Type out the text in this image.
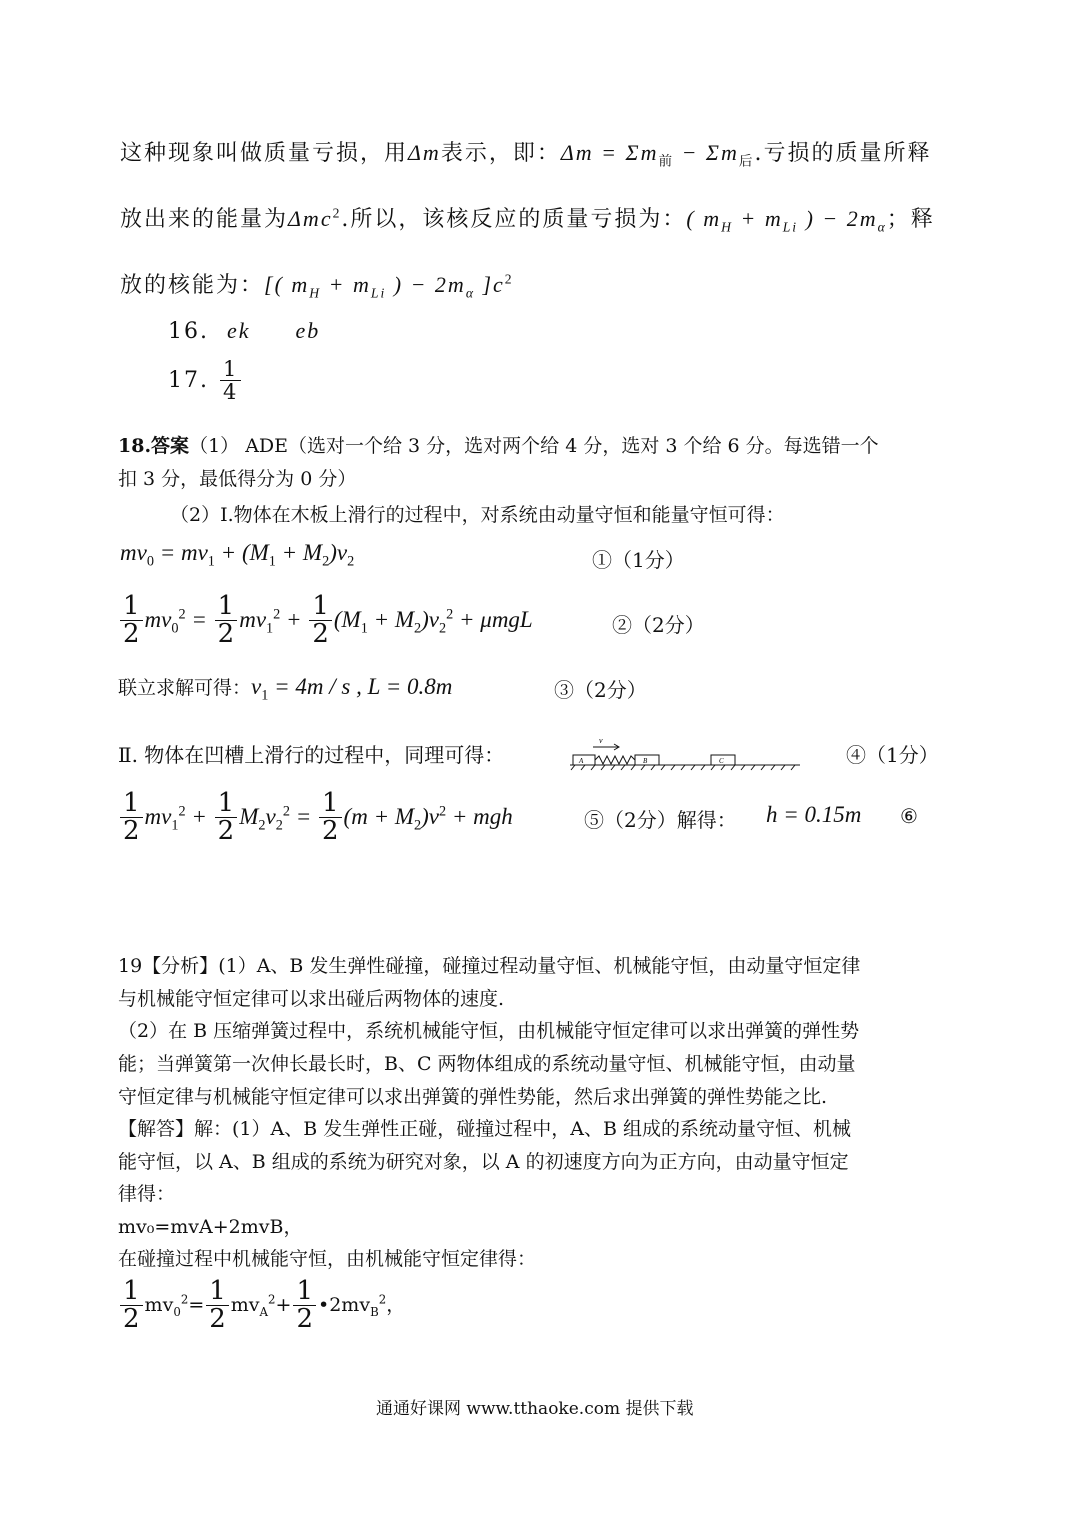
这种现象叫做质量亏损，用Δm表示，即：$\Delta m = \Sigma m_前 - \Sigma m_后$.亏损的质量所释
放出来的能量为Δmc$^2$.所以，该核反应的质量亏损为：( $m_H + m_{Li}$ ) − $2m_\alpha$；释
放的核能为：[( $m_H + m_{Li}$ ) − $2m_\alpha$ ]$c^2$
16. ek eb
17. $\frac{1}{4}$
18.答案（1） ADE（选对一个给 3 分，选对两个给 4 分，选对 3 个给 6 分。每选错一个
扣 3 分，最低得分为 0 分）
（2）Ⅰ.物体在木板上滑行的过程中，对系统由动量守恒和能量守恒可得：
$mv_0 = mv_1 + (M_1 + M_2)v_2$	①（1分）
$\frac{1}{2} mv_0^2 = \frac{1}{2} mv_1^2 + \frac{1}{2} (M_1 + M_2)v_2^2 + \mu mgL$	②（2分）
联立求解可得：$v_1 = 4m / s$ , L = 0.8m	③（2分）
Ⅱ. 物体在凹槽上滑行的过程中，同理可得：
v
A	B	C	④（1分）
$\frac{1}{2} mv_1^2 + \frac{1}{2} M_2v_2^2 = \frac{1}{2} (m + M_2)v^2$ + mgh	⑤（2分）解得： h = 0.15m ⑥
19【分析】(1）A、B 发生弹性碰撞，碰撞过程动量守恒、机械能守恒，由动量守恒定律
与机械能守恒定律可以求出碰后两物体的速度.
（2）在 B 压缩弹簧过程中，系统机械能守恒，由机械能守恒定律可以求出弹簧的弹性势
能；当弹簧第一次伸长最长时，B、C 两物体组成的系统动量守恒、机械能守恒，由动量
守恒定律与机械能守恒定律可以求出弹簧的弹性势能，然后求出弹簧的弹性势能之比.
【解答】解：(1）A、B 发生弹性正碰，碰撞过程中，A、B 组成的系统动量守恒、机械
能守恒，以 A、B 组成的系统为研究对象，以 A 的初速度方向为正方向，由动量守恒定
律得：
mv₀=mvA+2mvB，
在碰撞过程中机械能守恒，由机械能守恒定律得：
$\frac{1}{2} mv_0^2= \frac{1}{2} mv_A^2+ \frac{1}{2}$ $•2mv_B^2$，
通通好课网 www.tthaoke.com 提供下载
